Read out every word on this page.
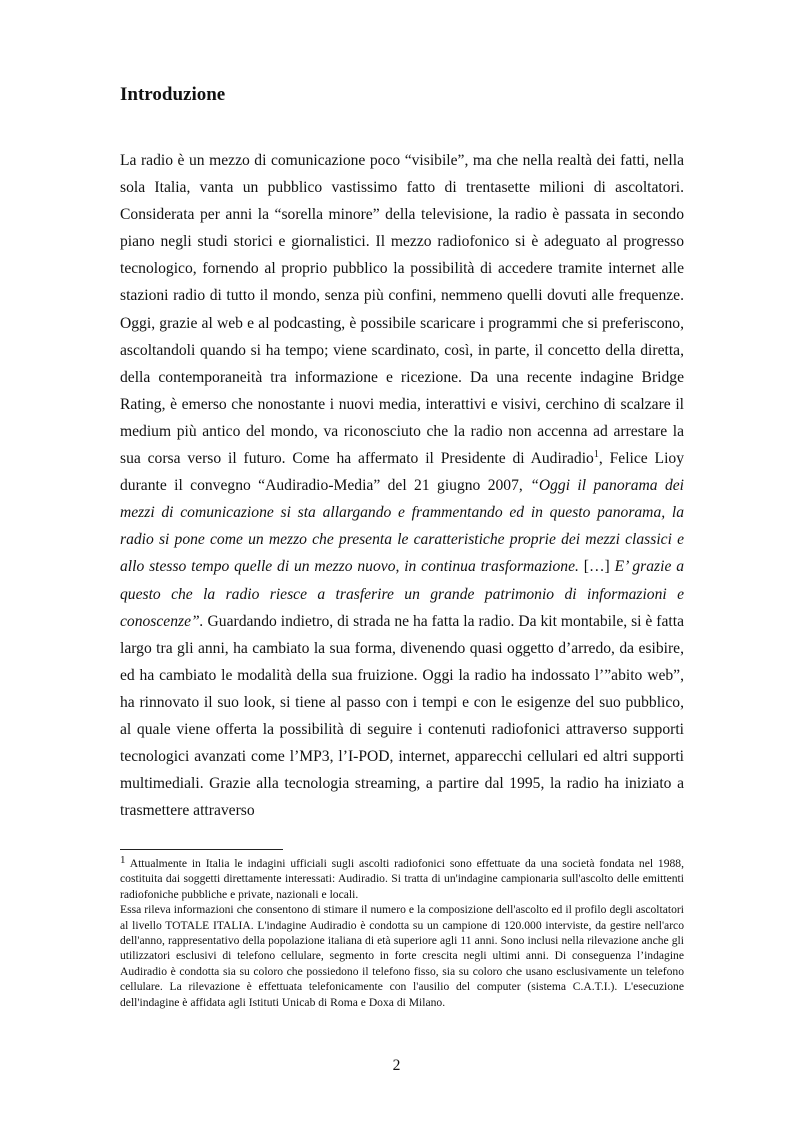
Introduzione

La radio è un mezzo di comunicazione poco “visibile”, ma che nella realtà dei fatti, nella sola Italia, vanta un pubblico vastissimo fatto di trentasette milioni di ascoltatori. Considerata per anni la “sorella minore” della televisione, la radio è passata in secondo piano negli studi storici e giornalistici. Il mezzo radiofonico si è adeguato al progresso tecnologico, fornendo al proprio pubblico la possibilità di accedere tramite internet alle stazioni radio di tutto il mondo, senza più confini, nemmeno quelli dovuti alle frequenze. Oggi, grazie al web e al podcasting, è possibile scaricare i programmi che si preferiscono, ascoltandoli quando si ha tempo; viene scardinato, così, in parte, il concetto della diretta, della contemporaneità tra informazione e ricezione. Da una recente indagine Bridge Rating, è emerso che nonostante i nuovi media, interattivi e visivi, cerchino di scalzare il medium più antico del mondo, va riconosciuto che la radio non accenna ad arrestare la sua corsa verso il futuro. Come ha affermato il Presidente di Audiradio$^1$, Felice Lioy durante il convegno “Audiradio-Media” del 21 giugno 2007, “Oggi il panorama dei mezzi di comunicazione si sta allargando e frammentando ed in questo panorama, la radio si pone come un mezzo che presenta le caratteristiche proprie dei mezzi classici e allo stesso tempo quelle di un mezzo nuovo, in continua trasformazione. […] E’ grazie a questo che la radio riesce a trasferire un grande patrimonio di informazioni e conoscenze”. Guardando indietro, di strada ne ha fatta la radio. Da kit montabile, si è fatta largo tra gli anni, ha cambiato la sua forma, divenendo quasi oggetto d’arredo, da esibire, ed ha cambiato le modalità della sua fruizione. Oggi la radio ha indossato l’”abito web”, ha rinnovato il suo look, si tiene al passo con i tempi e con le esigenze del suo pubblico, al quale viene offerta la possibilità di seguire i contenuti radiofonici attraverso supporti tecnologici avanzati come l’MP3, l’I-POD, internet, apparecchi cellulari ed altri supporti multimediali. Grazie alla tecnologia streaming, a partire dal 1995, la radio ha iniziato a trasmettere attraverso

$^1$ Attualmente in Italia le indagini ufficiali sugli ascolti radiofonici sono effettuate da una società fondata nel 1988, costituita dai soggetti direttamente interessati: Audiradio. Si tratta di un'indagine campionaria sull'ascolto delle emittenti radiofoniche pubbliche e private, nazionali e locali.

Essa rileva informazioni che consentono di stimare il numero e la composizione dell'ascolto ed il profilo degli ascoltatori al livello TOTALE ITALIA. L'indagine Audiradio è condotta su un campione di 120.000 interviste, da gestire nell'arco dell'anno, rappresentativo della popolazione italiana di età superiore agli 11 anni. Sono inclusi nella rilevazione anche gli utilizzatori esclusivi di telefono cellulare, segmento in forte crescita negli ultimi anni. Di conseguenza l’indagine Audiradio è condotta sia su coloro che possiedono il telefono fisso, sia su coloro che usano esclusivamente un telefono cellulare. La rilevazione è effettuata telefonicamente con l'ausilio del computer (sistema C.A.T.I.). L'esecuzione dell'indagine è affidata agli Istituti Unicab di Roma e Doxa di Milano.

2
